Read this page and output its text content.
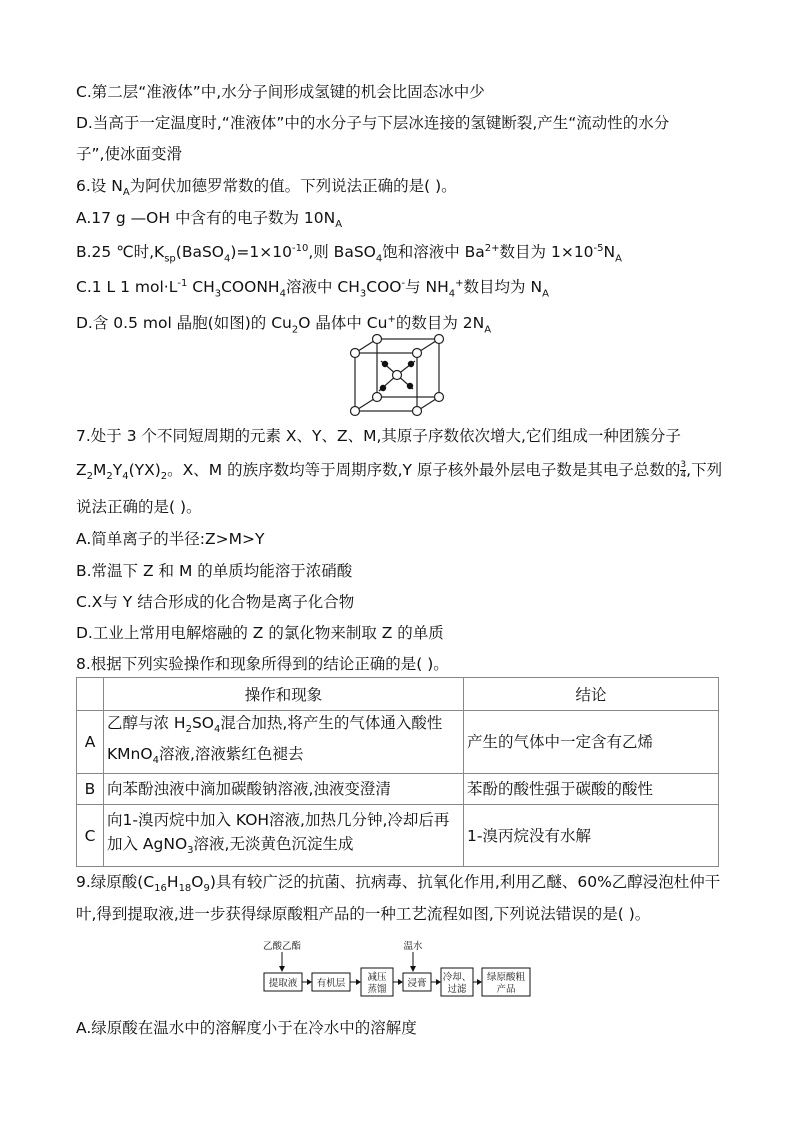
C.第二层“准液体”中,水分子间形成氢键的机会比固态冰中少
D.当高于一定温度时,“准液体”中的水分子与下层冰连接的氢键断裂,产生“流动性的水分
子”,使冰面变滑
6.设 $N_A$为阿伏加德罗常数的值。下列说法正确的是( )。
A.17 g —OH 中含有的电子数为 $10N_A$
B.25 ℃时$,K_{sp}(BaSO_4)=1\times 10^{-10}$,则 BaSO$_4$饱和溶液中 $Ba^{2+}$数目为 $1\times 10^{-5}N_A$
C.1 L 1 $mol\cdot L^{-1}$ $CH_3COONH_4$溶液中 $CH_3COO^-$与 $NH_4^+$数目均为 $N_A$
D.含 0.5 mol 晶胞(如图)的 $Cu_2O$ 晶体中 Cu+的数目为 $2N_A$
7.处于 3 个不同短周期的元素 X、Y、Z、M,其原子序数依次增大,它们组成一种团簇分子
$Z_2M_2Y_4(YX)_2$。X、M 的族序数均等于周期序数,Y 原子核外最外层电子数是其电子总数的 $\frac{3}{4}$ ,下列
说法正确的是( )。
A.简单离子的半径:Z>M>Y
B.常温下 Z 和 M 的单质均能溶于浓硝酸
C.X与 Y 结合形成的化合物是离子化合物
D.工业上常用电解熔融的 Z 的氯化物来制取 Z 的单质
8.根据下列实验操作和现象所得到的结论正确的是( )。
	操作和现象	结论
A	乙醇与浓 $H_2SO_4$混合加热,将产生的气体通入酸性
KMnO$_4$溶液,溶液紫红色褪去	产生的气体中一定含有乙烯
B	向苯酚浊液中滴加碳酸钠溶液,浊液变澄清	苯酚的酸性强于碳酸的酸性
C	向1-溴丙烷中加入 KOH溶液,加热几分钟,冷却后再
加入 AgNO$_3$溶液,无淡黄色沉淀生成	1-溴丙烷没有水解
9.绿原酸$(C_{16}H_{18}O_9)$具有较广泛的抗菌、抗病毒、抗氧化作用,利用乙醚、60%乙醇浸泡杜仲干
叶,得到提取液,进一步获得绿原酸粗产品的一种工艺流程如图,下列说法错误的是( )。
乙酸乙酯	温水
提取液 有机层
减压
蒸馏
浸膏
冷却、
过滤
绿原酸粗
产品
A.绿原酸在温水中的溶解度小于在冷水中的溶解度
